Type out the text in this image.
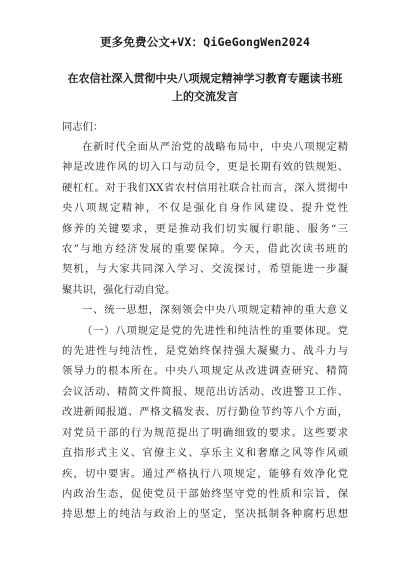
更多免费公文+VX：QiGeGongWen2024
在农信社深入贯彻中央八项规定精神学习教育专题读书班
上的交流发言
同志们：
在新时代全面从严治党的战略布局中，中央八项规定精
神是改进作风的切入口与动员令，更是长期有效的铁规矩、
硬杠杠。对于我们XX省农村信用社联合社而言，深入贯彻中
央八项规定精神，不仅是强化自身作风建设、提升党性
修养的关键要求，更是推动我们切实履行职能、服务“三
农”与地方经济发展的重要保障。今天，借此次读书班的
契机，与大家共同深入学习、交流探讨，希望能进一步凝
聚共识，强化行动自觉。
一、统一思想，深刻领会中央八项规定精神的重大意义
（一）八项规定是党的先进性和纯洁性的重要体现。党
的先进性与纯洁性，是党始终保持强大凝聚力、战斗力与
领导力的根本所在。中央八项规定从改进调查研究、精简
会议活动、精简文件简报、规范出访活动、改进警卫工作、
改进新闻报道、严格文稿发表、厉行勤俭节约等八个方面，
对党员干部的行为规范提出了明确细致的要求。这些要求
直指形式主义、官僚主义、享乐主义和奢靡之风等作风顽
疾，切中要害。通过严格执行八项规定，能够有效净化党
内政治生态，促使党员干部始终坚守党的性质和宗旨，保
持思想上的纯洁与政治上的坚定，坚决抵制各种腐朽思想
